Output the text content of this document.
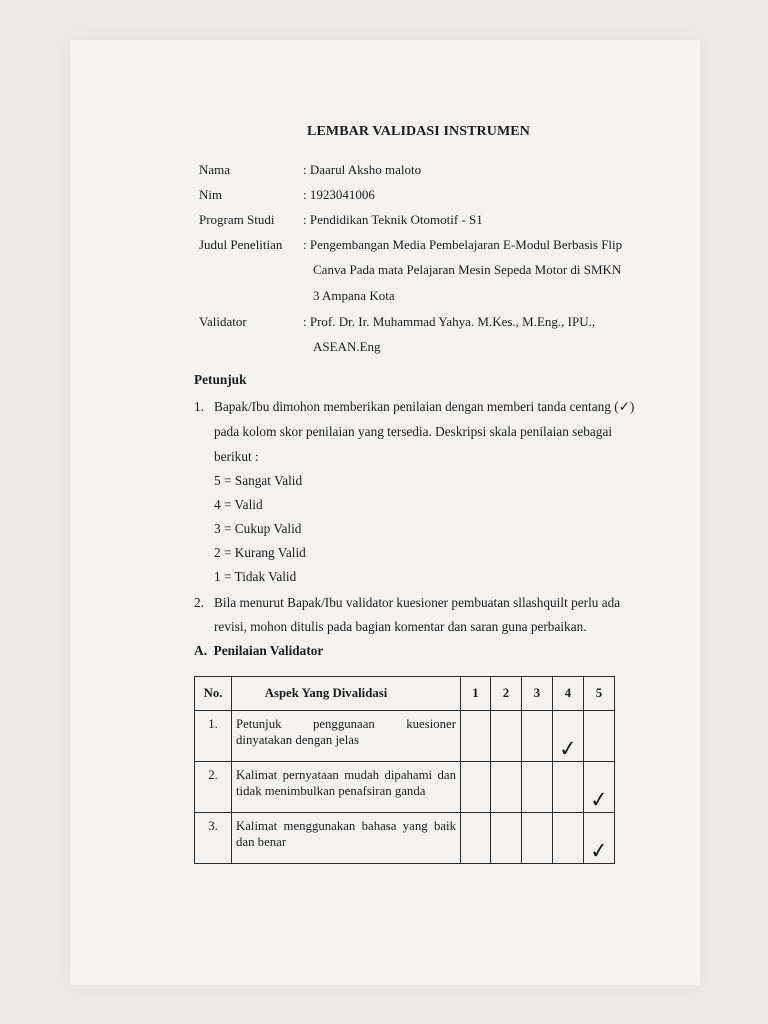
LEMBAR VALIDASI INSTRUMEN
Nama	: Daarul Aksho maloto
Nim	: 1923041006
Program Studi : Pendidikan Teknik Otomotif - S1
Judul Penelitian : Pengembangan Media Pembelajaran E-Modul Berbasis Flip
Canva Pada mata Pelajaran Mesin Sepeda Motor di SMKN
3 Ampana Kota
Validator	: Prof. Dr. Ir. Muhammad Yahya. M.Kes., M.Eng., IPU.,
ASEAN.Eng
Petunjuk
1. Bapak/Ibu dimohon memberikan penilaian dengan memberi tanda centang (✓)
pada kolom skor penilaian yang tersedia. Deskripsi skala penilaian sebagai
berikut :
5 = Sangat Valid
4 = Valid
3 = Cukup Valid
2 = Kurang Valid
1 = Tidak Valid
2. Bila menurut Bapak/Ibu validator kuesioner pembuatan sllashquilt perlu ada
revisi, mohon ditulis pada bagian komentar dan saran guna perbaikan.
A.  Penilaian Validator
No.	Aspek Yang Divalidasi	1	2	3	4	5
1.	Petunjuk penggunaan kuesioner dinyatakan dengan jelas				✓	
2.	Kalimat pernyataan mudah dipahami dan tidak menimbulkan penafsiran ganda					✓
3.	Kalimat menggunakan bahasa yang baik dan benar					✓
